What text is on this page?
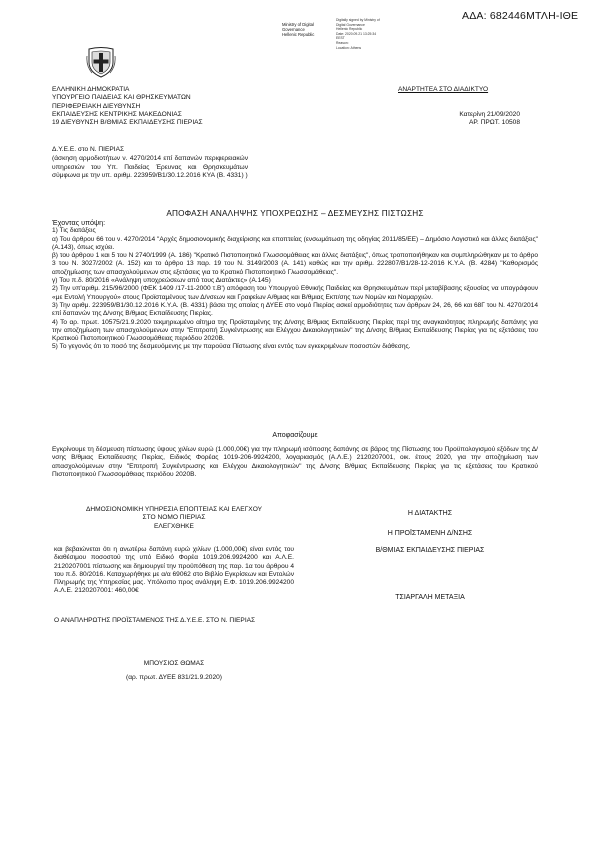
ΑΔΑ: 682446ΜΤΛΗ-ΙΘΕ
Ministry of Digital
Governance
Hellenic Republic
Digitally signed by Ministry of
Digital Governance
Hellenic Republic
Date: 2020.09.21 13:25:34
EEST
Reason:
Location: Athens
ΕΛΛΗΝΙΚΗ ΔΗΜΟΚΡΑΤΙΑ
ΥΠΟΥΡΓΕΙΟ ΠΑΙΔΕΙΑΣ ΚΑΙ ΘΡΗΣΚΕΥΜΑΤΩΝ
ΠΕΡΙΦΕΡΕΙΑΚΗ ΔΙΕΥΘΥΝΣΗ
ΕΚΠΑΙΔΕΥΣΗΣ ΚΕΝΤΡΙΚΗΣ ΜΑΚΕΔΟΝΙΑΣ
19 ΔΙΕΥΘΥΝΣΗ Β/ΘΜΙΑΣ ΕΚΠΑΙΔΕΥΣΗΣ ΠΙΕΡΙΑΣ
ΑΝΑΡΤΗΤΕΑ ΣΤΟ ΔΙΑΔΙΚΤΥΟ
Κατερίνη 21/09/2020
ΑΡ. ΠΡΩΤ. 10508
Δ.Υ.Ε.Ε. στο Ν. ΠΙΕΡΙΑΣ
(άσκηση αρμοδιοτήτων ν. 4270/2014 επί δαπανών περιφερειακών υπηρεσιών του Υπ. Παιδείας Έρευνας και Θρησκευμάτων σύμφωνα με την υπ. αριθμ. 223959/Β1/30.12.2016 ΚΥΑ (Β. 4331) )
ΑΠΟΦΑΣΗ ΑΝΑΛΗΨΗΣ ΥΠΟΧΡΕΩΣΗΣ – ΔΕΣΜΕΥΣΗΣ ΠΙΣΤΩΣΗΣ
Έχοντας υπόψη:
1) Τις διατάξεις
α) Του άρθρου 66 του ν. 4270/2014 "Αρχές δημοσιονομικής διαχείρισης και εποπτείας (ενσωμάτωση της οδηγίας 2011/85/ΕΕ) – Δημόσιο Λογιστικό και άλλες διατάξεις" (Α.143), όπως ισχύει.
β) του άρθρου 1 και 5 του Ν 2740/1999 (Α. 186) "Κρατικό Πιστοποιητικό Γλωσσομάθειας και άλλες διατάξεις", όπως τροποποιήθηκαν και συμπληρώθηκαν με το άρθρο 3 του Ν. 3027/2002 (Α. 152) και το άρθρο 13 παρ. 19 του Ν. 3149/2003 (Α. 141) καθώς και την αριθμ. 222807/Β1/28-12-2016 Κ.Υ.Α. (Β. 4284) "Καθορισμός αποζημίωσης των απασχολούμενων στις εξετάσεις για το Κρατικό Πιστοποιητικό Γλωσσομάθειας".
γ) Του π.δ. 80/2016 «Ανάληψη υποχρεώσεων από τους Διατάκτες» (Α.145)
2) Την υπ'αριθμ. 215/96/2000 (ΦΕΚ 1409 /17-11-2000 τ.Β') απόφαση του Υπουργού Εθνικής Παιδείας και Θρησκευμάτων περί μεταβίβασης εξουσίας να υπογράφουν «με Εντολή Υπουργού» στους Προϊσταμένους των Δ/νσεων και Γραφείων Α/θμιας και Β/θμιας Εκπ/σης των Νομών και Νομαρχιών.
3) Την αριθμ. 223959/Β1/30.12.2016 Κ.Υ.Α. (Β. 4331) βάσει της οποίας η ΔΥΕΕ στο νομό Πιερίας ασκεί αρμοδιότητες των άρθρων 24, 26, 66 και 68Γ του Ν. 4270/2014 επί δαπανών της Δ/νσης Β/θμιας Εκπαίδευσης Πιερίας.
4) Το αρ. πρωτ. 10575/21.9.2020 τεκμηριωμένο αίτημα της Προϊσταμένης της Δ/νσης Β/θμιας Εκπαίδευσης Πιερίας περί της αναγκαιότητας πληρωμής δαπάνης για την αποζημίωση των απασχολούμενων στην "Επιτροπή Συγκέντρωσης και Ελέγχου Δικαιολογητικών" της Δ/νσης Β/θμιας Εκπαίδευσης Πιερίας για τις εξετάσεις του Κρατικού Πιστοποιητικού Γλωσσομάθειας περιόδου 2020Β.
5) Το γεγονός ότι το ποσό της δεσμευόμενης με την παρούσα Πίστωσης είναι εντός των εγκεκριμένων ποσοστών διάθεσης.
Αποφασίζουμε
Εγκρίνουμε τη δέσμευση πίστωσης ύψους χιλίων ευρώ (1.000,00€) για την πληρωμή ισόποσης δαπάνης σε βάρος της Πίστωσης του Προϋπολογισμού εξόδων της Δ/νσης Β/θμιας Εκπαίδευσης Πιερίας, Ειδικός Φορέας 1019-206-9924200, λογαριασμός (Α.Λ.Ε.) 2120207001, οικ. έτους 2020, για την αποζημίωση των απασχολούμενων στην "Επιτροπή Συγκέντρωσης και Ελέγχου Δικαιολογητικών" της Δ/νσης Β/θμιας Εκπαίδευσης Πιερίας για τις εξετάσεις του Κρατικού Πιστοποιητικού Γλωσσομάθειας περιόδου 2020Β.
ΔΗΜΟΣΙΟΝΟΜΙΚΗ ΥΠΗΡΕΣΙΑ ΕΠΟΠΤΕΙΑΣ ΚΑΙ ΕΛΕΓΧΟΥ
ΣΤΟ ΝΟΜΟ ΠΙΕΡΙΑΣ
ΕΛΕΓΧΘΗΚΕ
και βεβαιώνεται ότι η ανωτέρω δαπάνη ευρώ χιλίων (1.000,00€) είναι εντός του διαθέσιμου ποσοστού της υπό Ειδικό Φορέα 1019.206.9924200 και Α.Λ.Ε. 2120207001 πίστωσης και δημιουργεί την προϋπόθεση της παρ. 1α του άρθρου 4 του π.δ. 80/2016. Καταχωρήθηκε με α/α 69062 στο Βιβλίο Εγκρίσεων και Εντολών Πληρωμής της Υπηρεσίας μας. Υπόλοιπο προς ανάληψη Ε.Φ. 1019.206.9924200 Α.Λ.Ε. 2120207001: 460,00€
Ο ΑΝΑΠΛΗΡΩΤΗΣ ΠΡΟΪΣΤΑΜΕΝΟΣ ΤΗΣ Δ.Υ.Ε.Ε. ΣΤΟ Ν. ΠΙΕΡΙΑΣ
ΜΠΟΥΣΙΟΣ ΘΩΜΑΣ
(αρ. πρωτ. ΔΥΕΕ 831/21.9.2020)
Η ΔΙΑΤΑΚΤΗΣ
Η ΠΡΟΪΣΤΑΜΕΝΗ Δ/ΝΣΗΣ
Β/ΘΜΙΑΣ ΕΚΠΑΙΔΕΥΣΗΣ ΠΙΕΡΙΑΣ
ΤΣΙΑΡΓΑΛΗ ΜΕΤΑΞΙΑ
